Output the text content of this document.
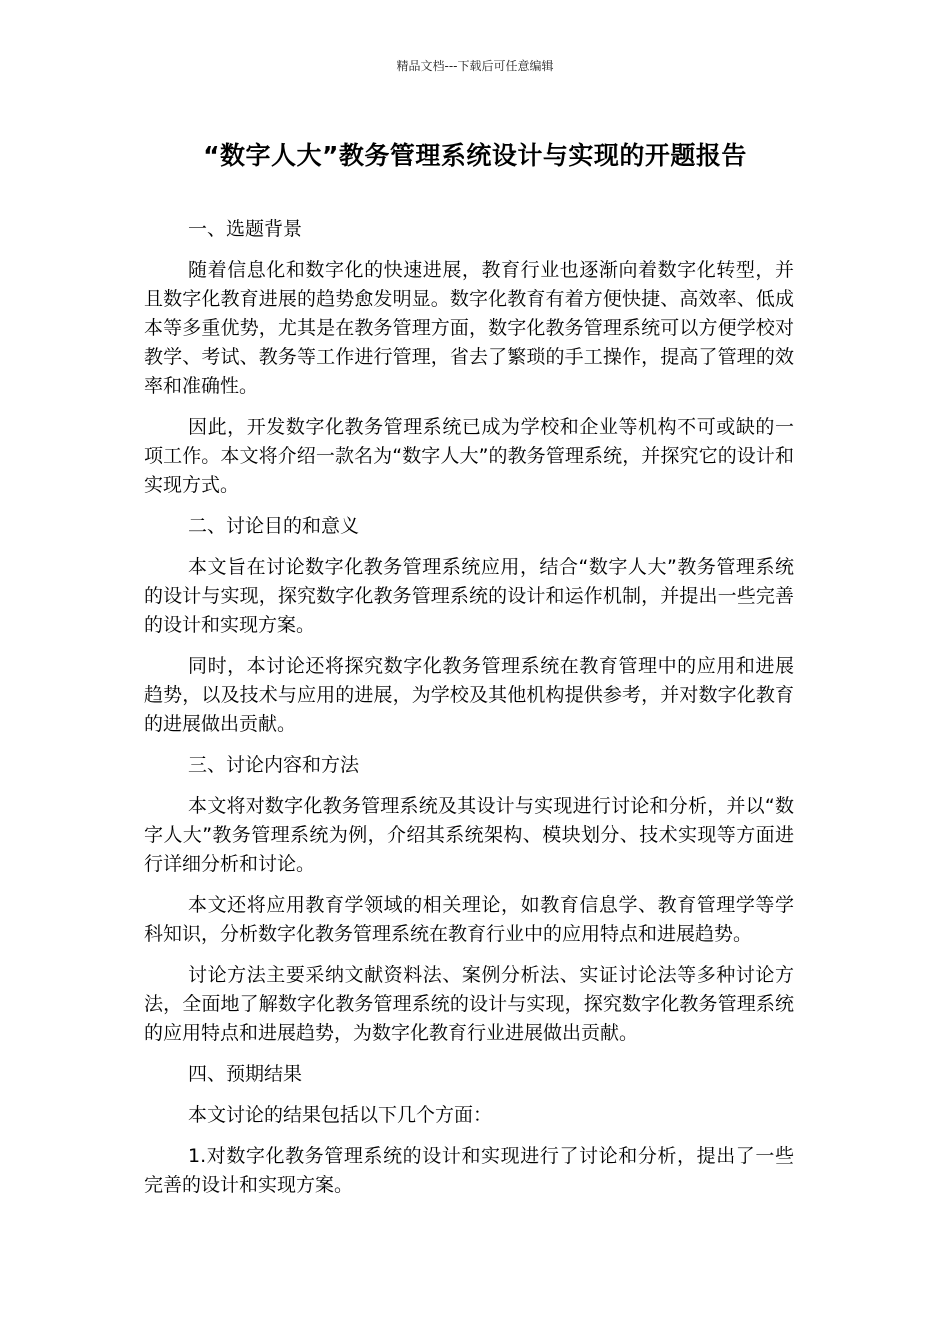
精品文档---下载后可任意编辑
“数字人大”教务管理系统设计与实现的开题报告

一、选题背景

随着信息化和数字化的快速进展，教育行业也逐渐向着数字化转型，并且数字化教育进展的趋势愈发明显。数字化教育有着方便快捷、高效率、低成本等多重优势，尤其是在教务管理方面，数字化教务管理系统可以方便学校对教学、考试、教务等工作进行管理，省去了繁琐的手工操作，提高了管理的效率和准确性。

因此，开发数字化教务管理系统已成为学校和企业等机构不可或缺的一项工作。本文将介绍一款名为“数字人大”的教务管理系统，并探究它的设计和实现方式。

二、讨论目的和意义

本文旨在讨论数字化教务管理系统应用，结合“数字人大”教务管理系统的设计与实现，探究数字化教务管理系统的设计和运作机制，并提出一些完善的设计和实现方案。

同时，本讨论还将探究数字化教务管理系统在教育管理中的应用和进展趋势，以及技术与应用的进展，为学校及其他机构提供参考，并对数字化教育的进展做出贡献。

三、讨论内容和方法

本文将对数字化教务管理系统及其设计与实现进行讨论和分析，并以“数字人大”教务管理系统为例，介绍其系统架构、模块划分、技术实现等方面进行详细分析和讨论。

本文还将应用教育学领域的相关理论，如教育信息学、教育管理学等学科知识，分析数字化教务管理系统在教育行业中的应用特点和进展趋势。

讨论方法主要采纳文献资料法、案例分析法、实证讨论法等多种讨论方法，全面地了解数字化教务管理系统的设计与实现，探究数字化教务管理系统的应用特点和进展趋势，为数字化教育行业进展做出贡献。

四、预期结果

本文讨论的结果包括以下几个方面：

1.对数字化教务管理系统的设计和实现进行了讨论和分析，提出了一些完善的设计和实现方案。
